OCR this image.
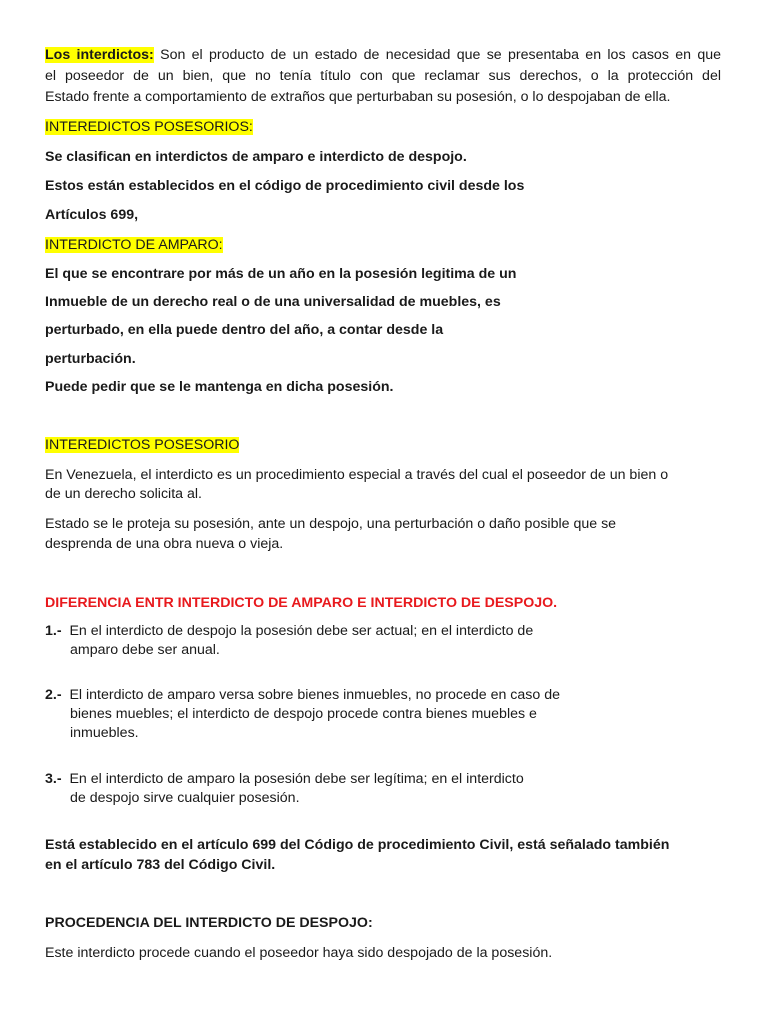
Los interdictos: Son el producto de un estado de necesidad que se presentaba en los casos en que
el poseedor de un bien, que no tenía título con que reclamar sus derechos, o la protección del
Estado frente a comportamiento de extraños que perturbaban su posesión, o lo despojaban de ella.
INTEREDICTOS POSESORIOS:
Se clasifican en interdictos de amparo e interdicto de despojo.
Estos están establecidos en el código de procedimiento civil desde los
Artículos 699,
INTERDICTO DE AMPARO:
El que se encontrare por más de un año en la posesión legitima de un
Inmueble de un derecho real o de una universalidad de muebles, es
perturbado, en ella puede dentro del año, a contar desde la
perturbación.
Puede pedir que se le mantenga en dicha posesión.
INTEREDICTOS POSESORIO
En Venezuela, el interdicto es un procedimiento especial a través del cual el poseedor de un bien o
de un derecho solicita al.
Estado se le proteja su posesión, ante un despojo, una perturbación o daño posible que se
desprenda de una obra nueva o vieja.
DIFERENCIA ENTR INTERDICTO DE AMPARO E INTERDICTO DE DESPOJO.
1.- En el interdicto de despojo la posesión debe ser actual; en el interdicto de
amparo debe ser anual.
2.- El interdicto de amparo versa sobre bienes inmuebles, no procede en caso de
bienes muebles; el interdicto de despojo procede contra bienes muebles e
inmuebles.
3.- En el interdicto de amparo la posesión debe ser legítima; en el interdicto
de despojo sirve cualquier posesión.
Está establecido en el artículo 699 del Código de procedimiento Civil, está señalado también
en el artículo 783 del Código Civil.
PROCEDENCIA DEL INTERDICTO DE DESPOJO:
Este interdicto procede cuando el poseedor haya sido despojado de la posesión.
